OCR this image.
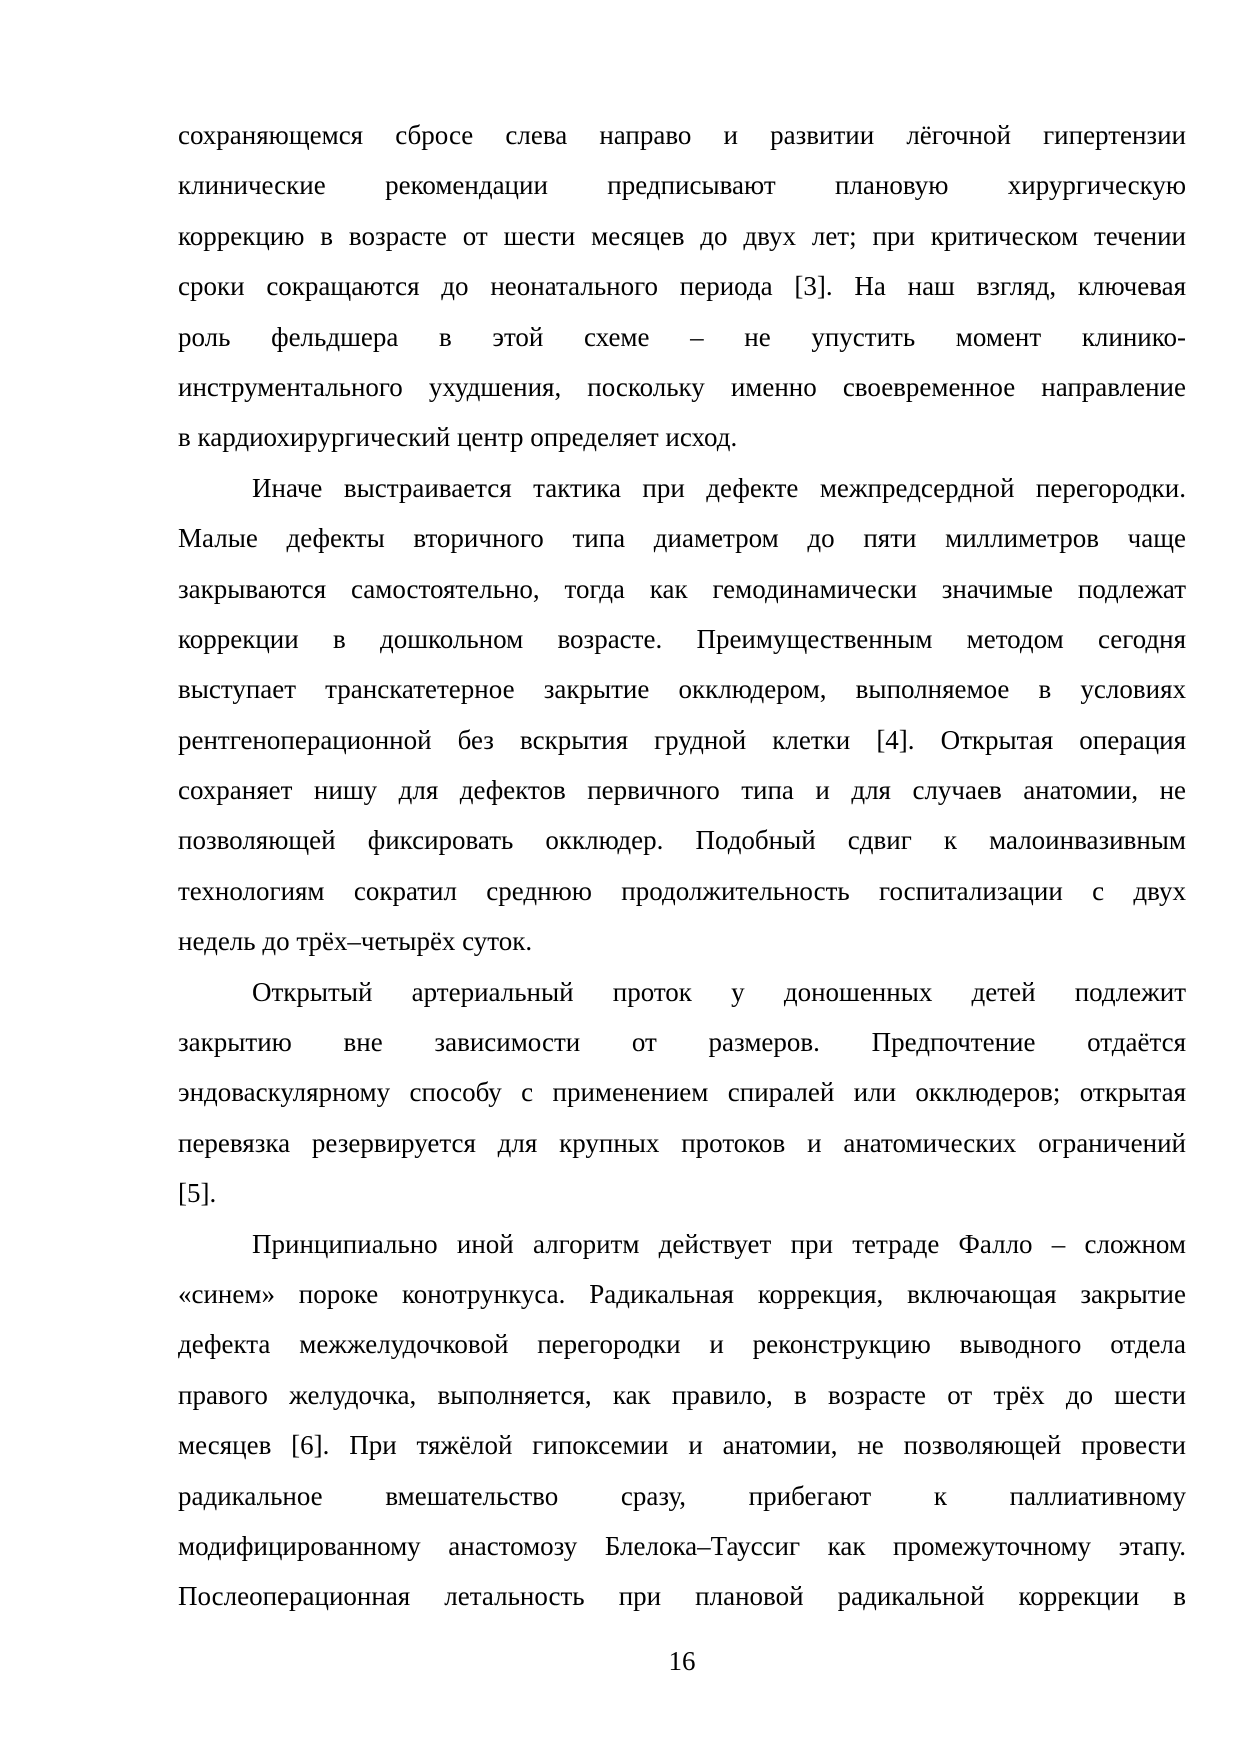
сохраняющемся сбросе слева направо и развитии лёгочной гипертензии
клинические рекомендации предписывают плановую хирургическую
коррекцию в возрасте от шести месяцев до двух лет; при критическом течении
сроки сокращаются до неонатального периода [3]. На наш взгляд, ключевая
роль фельдшера в этой схеме – не упустить момент клинико-
инструментального ухудшения, поскольку именно своевременное направление
в кардиохирургический центр определяет исход.
Иначе выстраивается тактика при дефекте межпредсердной перегородки.
Малые дефекты вторичного типа диаметром до пяти миллиметров чаще
закрываются самостоятельно, тогда как гемодинамически значимые подлежат
коррекции в дошкольном возрасте. Преимущественным методом сегодня
выступает транскатетерное закрытие окклюдером, выполняемое в условиях
рентгеноперационной без вскрытия грудной клетки [4]. Открытая операция
сохраняет нишу для дефектов первичного типа и для случаев анатомии, не
позволяющей фиксировать окклюдер. Подобный сдвиг к малоинвазивным
технологиям сократил среднюю продолжительность госпитализации с двух
недель до трёх–четырёх суток.
Открытый артериальный проток у доношенных детей подлежит
закрытию вне зависимости от размеров. Предпочтение отдаётся
эндоваскулярному способу с применением спиралей или окклюдеров; открытая
перевязка резервируется для крупных протоков и анатомических ограничений
[5].
Принципиально иной алгоритм действует при тетраде Фалло – сложном
«синем» пороке конотрункуса. Радикальная коррекция, включающая закрытие
дефекта межжелудочковой перегородки и реконструкцию выводного отдела
правого желудочка, выполняется, как правило, в возрасте от трёх до шести
месяцев [6]. При тяжёлой гипоксемии и анатомии, не позволяющей провести
радикальное вмешательство сразу, прибегают к паллиативному
модифицированному анастомозу Блелока–Тауссиг как промежуточному этапу.
Послеоперационная летальность при плановой радикальной коррекции в
16
